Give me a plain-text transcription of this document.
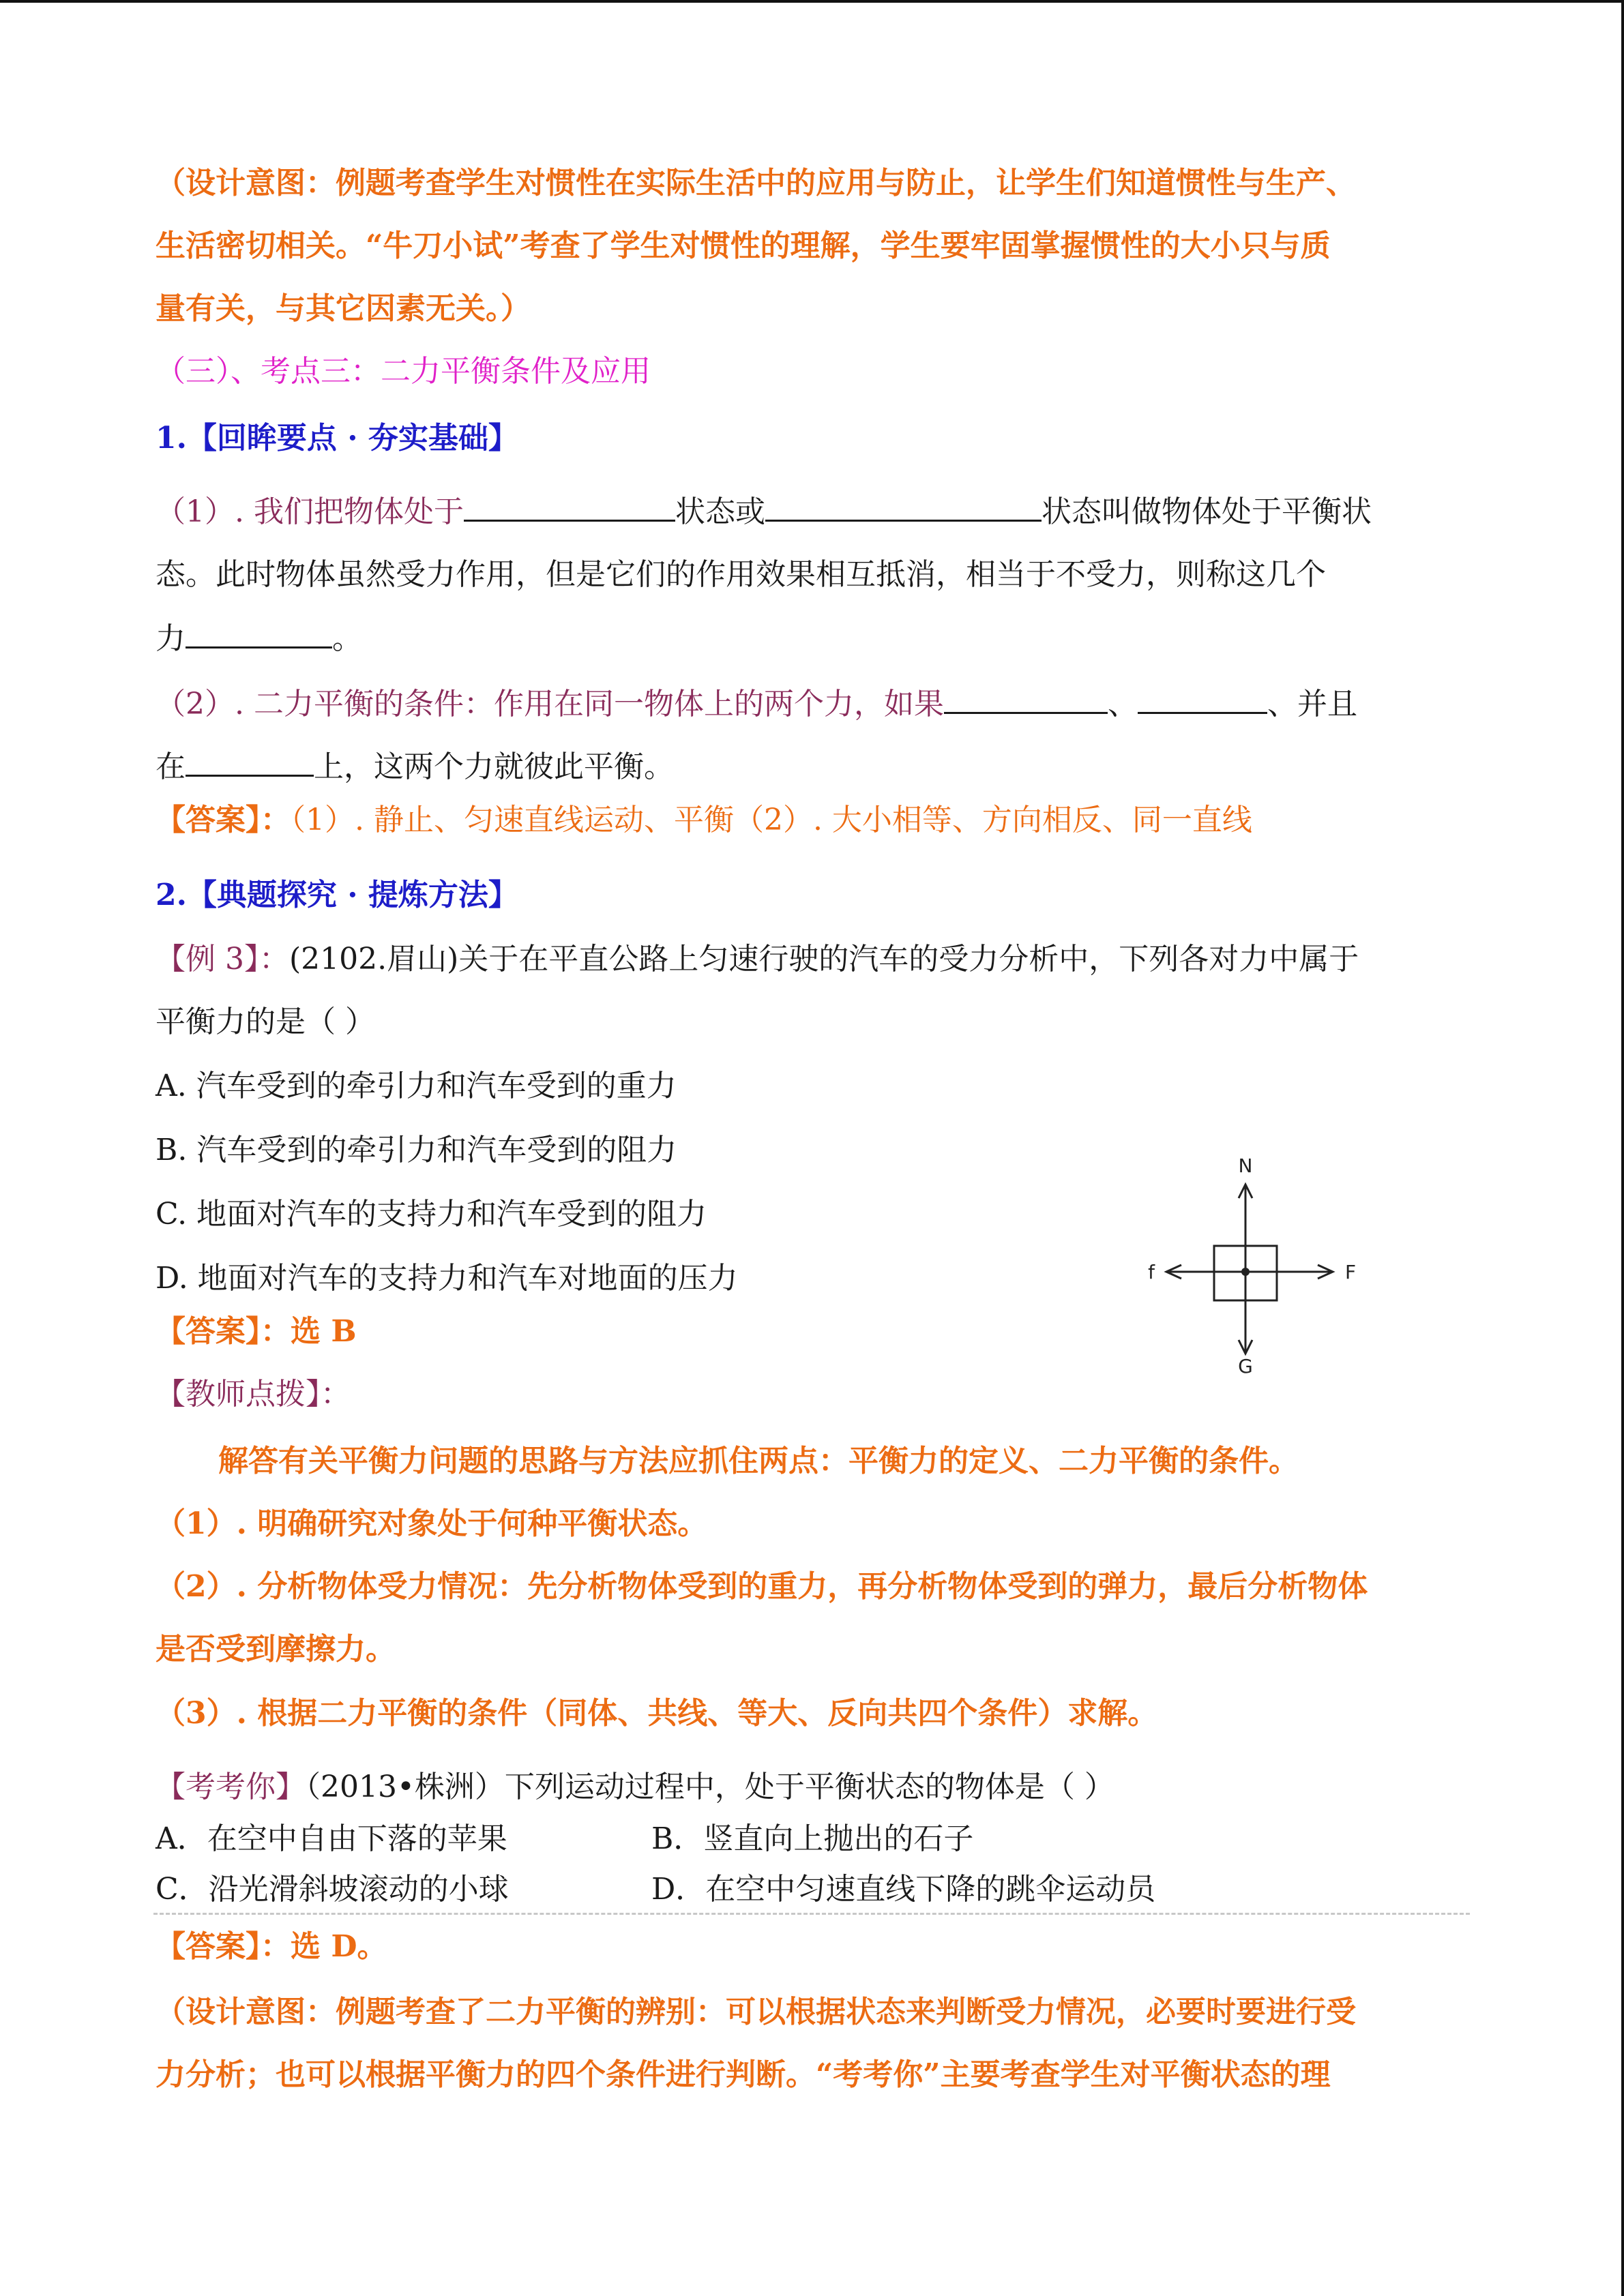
（设计意图：例题考查学生对惯性在实际生活中的应用与防止，让学生们知道惯性与生产、
生活密切相关。“牛刀小试”考查了学生对惯性的理解，学生要牢固掌握惯性的大小只与质
量有关，与其它因素无关。）
（三）、考点三：二力平衡条件及应用
1.【回眸要点 · 夯实基础】
（1）. 我们把物体处于	状态或	状态叫做物体处于平衡状
态。此时物体虽然受力作用，但是它们的作用效果相互抵消，相当于不受力，则称这几个
力	。
（2）. 二力平衡的条件：作用在同一物体上的两个力，如果	、	、并且
在	上，这两个力就彼此平衡。
【答案】：（1）. 静止、匀速直线运动、平衡（2）. 大小相等、方向相反、同一直线
2.【典题探究 · 提炼方法】
【例 3】：(2102.眉山)关于在平直公路上匀速行驶的汽车的受力分析中，下列各对力中属于
平衡力的是（ ）
A. 汽车受到的牵引力和汽车受到的重力
B. 汽车受到的牵引力和汽车受到的阻力
C. 地面对汽车的支持力和汽车受到的阻力
D. 地面对汽车的支持力和汽车对地面的压力
N
G
f	F
【答案】：选 B
【教师点拨】：
解答有关平衡力问题的思路与方法应抓住两点：平衡力的定义、二力平衡的条件。
（1）. 明确研究对象处于何种平衡状态。
（2）. 分析物体受力情况：先分析物体受到的重力，再分析物体受到的弹力，最后分析物体
是否受到摩擦力。
（3）. 根据二力平衡的条件（同体、共线、等大、反向共四个条件）求解。
【考考你】（2013•株洲）下列运动过程中，处于平衡状态的物体是（ ）
A．在空中自由下落的苹果	B．竖直向上抛出的石子
C．沿光滑斜坡滚动的小球	D．在空中匀速直线下降的跳伞运动员
【答案】：选 D。
（设计意图：例题考查了二力平衡的辨别：可以根据状态来判断受力情况，必要时要进行受
力分析；也可以根据平衡力的四个条件进行判断。“考考你”主要考查学生对平衡状态的理
